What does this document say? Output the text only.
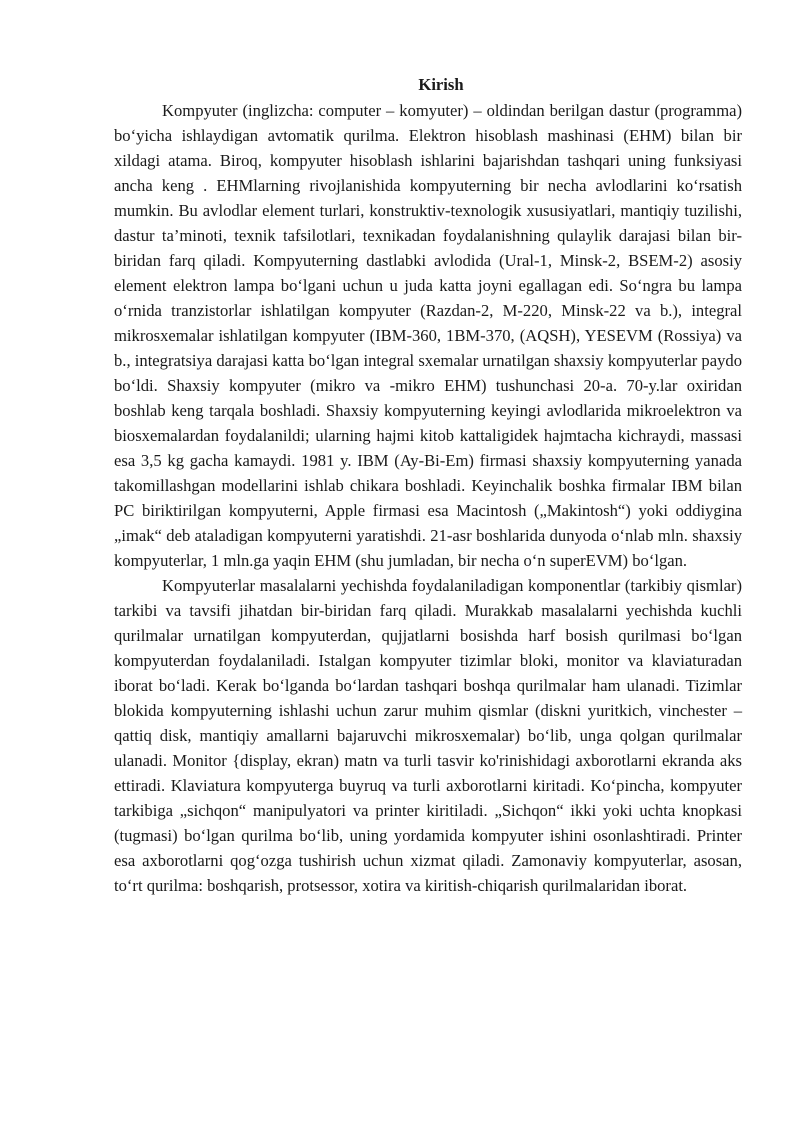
Kirish

Kompyuter (inglizcha: computer – komyuter) – oldindan berilgan dastur (programma) bo‘yicha ishlaydigan avtomatik qurilma. Elektron hisoblash mashinasi (EHM) bilan bir xildagi atama. Biroq, kompyuter hisoblash ishlarini bajarishdan tashqari uning funksiyasi ancha keng . EHMlarning rivojlanishida kompyuterning bir necha avlodlarini ko‘rsatish mumkin. Bu avlodlar element turlari, konstruktiv-texnologik xususiyatlari, mantiqiy tuzilishi, dastur ta’minoti, texnik tafsilotlari, texnikadan foydalanishning qulaylik darajasi bilan bir-biridan farq qiladi. Kompyuterning dastlabki avlodida (Ural-1, Minsk-2, BSEM-2) asosiy element elektron lampa bo‘lgani uchun u juda katta joyni egallagan edi. So‘ngra bu lampa o‘rnida tranzistorlar ishlatilgan kompyuter (Razdan-2, M-220, Minsk-22 va b.), integral mikrosxemalar ishlatilgan kompyuter (IBM-360, 1BM-370, (AQSH), YESEVM (Rossiya) va b., integratsiya darajasi katta bo‘lgan integral sxemalar urnatilgan shaxsiy kompyuterlar paydo bo‘ldi. Shaxsiy kompyuter (mikro va -mikro EHM) tushunchasi 20-a. 70-y.lar oxiridan boshlab keng tarqala boshladi. Shaxsiy kompyuterning keyingi avlodlarida mikroelektron va biosxemalardan foydalanildi; ularning hajmi kitob kattaligidek hajmtacha kichraydi, massasi esa 3,5 kg gacha kamaydi. 1981 y. IBM (Ay-Bi-Em) firmasi shaxsiy kompyuterning yanada takomillashgan modellarini ishlab chikara boshladi. Keyinchalik boshka firmalar IBM bilan PC biriktirilgan kompyuterni, Apple firmasi esa Macintosh („Makintosh“) yoki oddiygina „imak“ deb ataladigan kompyuterni yaratishdi. 21-asr boshlarida dunyoda o‘nlab mln. shaxsiy kompyuterlar, 1 mln.ga yaqin EHM (shu jumladan, bir necha o‘n superEVM) bo‘lgan.

Kompyuterlar masalalarni yechishda foydalaniladigan komponentlar (tarkibiy qismlar) tarkibi va tavsifi jihatdan bir-biridan farq qiladi. Murakkab masalalarni yechishda kuchli qurilmalar urnatilgan kompyuterdan, qujjatlarni bosishda harf bosish qurilmasi bo‘lgan kompyuterdan foydalaniladi. Istalgan kompyuter tizimlar bloki, monitor va klaviaturadan iborat bo‘ladi. Kerak bo‘lganda bo‘lardan tashqari boshqa qurilmalar ham ulanadi. Tizimlar blokida kompyuterning ishlashi uchun zarur muhim qismlar (diskni yuritkich, vinchester – qattiq disk, mantiqiy amallarni bajaruvchi mikrosxemalar) bo‘lib, unga qolgan qurilmalar ulanadi. Monitor {display, ekran) matn va turli tasvir ko'rinishidagi axborotlarni ekranda aks ettiradi. Klaviatura kompyuterga buyruq va turli axborotlarni kiritadi. Ko‘pincha, kompyuter tarkibiga „sichqon“ manipulyatori va printer kiritiladi. „Sichqon“ ikki yoki uchta knopkasi (tugmasi) bo‘lgan qurilma bo‘lib, uning yordamida kompyuter ishini osonlashtiradi. Printer esa axborotlarni qog‘ozga tushirish uchun xizmat qiladi. Zamonaviy kompyuterlar, asosan, to‘rt qurilma: boshqarish, protsessor, xotira va kiritish-chiqarish qurilmalaridan iborat.
